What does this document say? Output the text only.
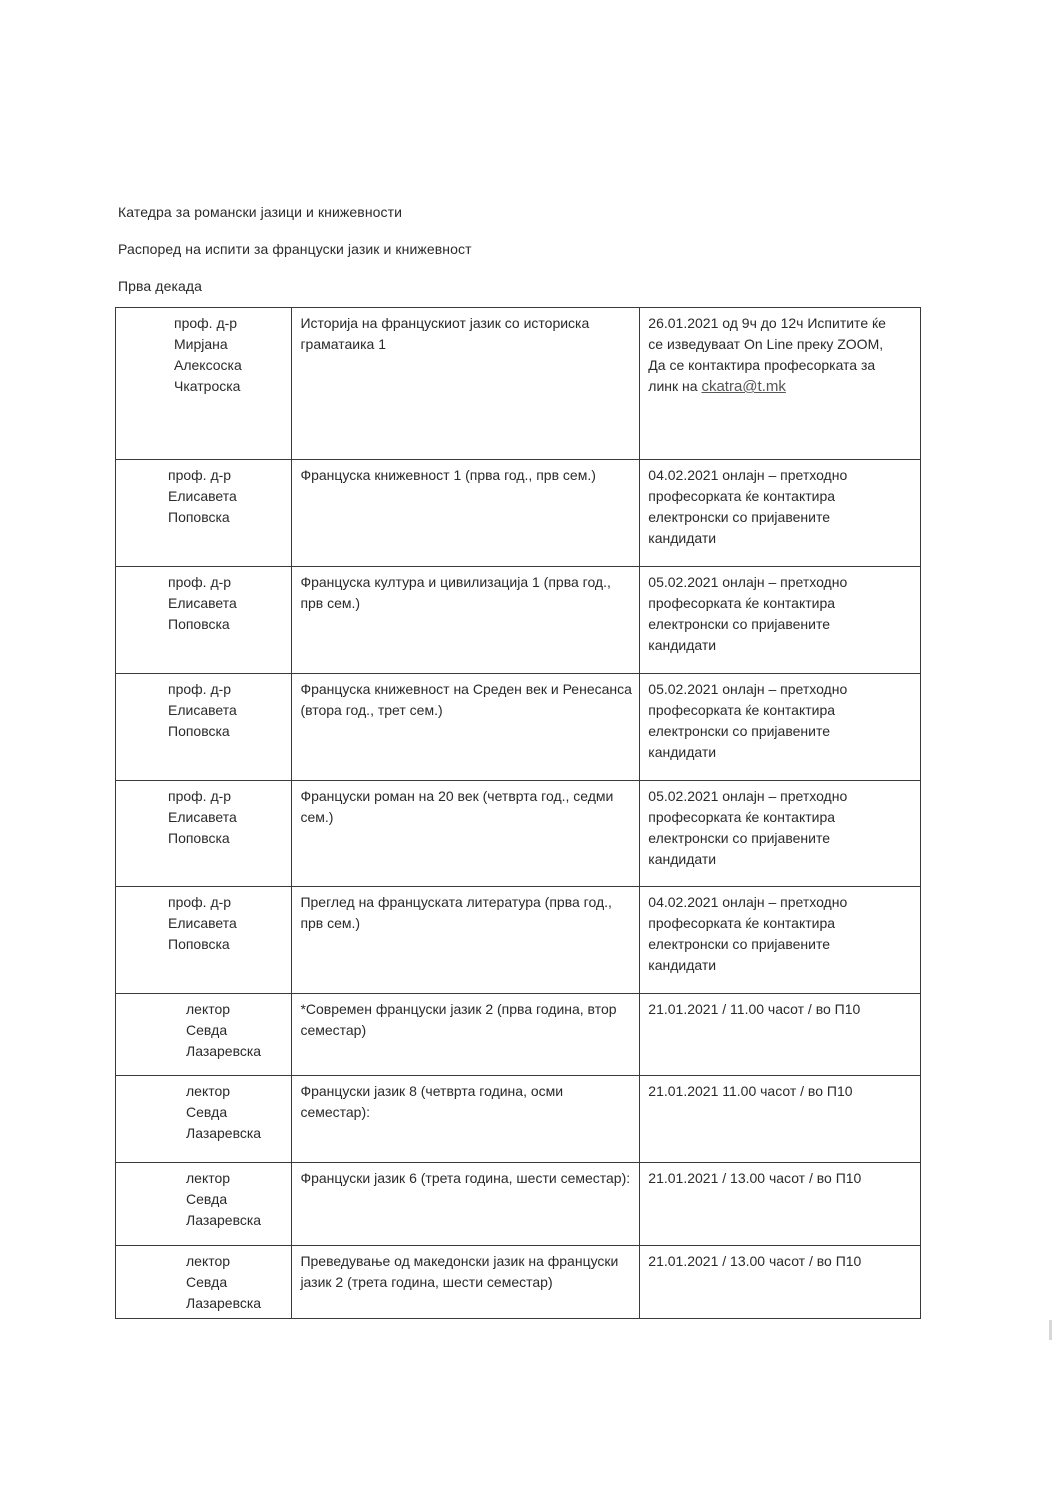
Катедра за романски јазици и книжевности
Распоред на испити за француски јазик и книжевност
Прва декада
проф. д-р
Мирјана
Алексоска
Чкатроска	Историја на францускиот јазик со историска граматаика 1	26.01.2021 од 9ч до 12ч Испитите ќе
се изведуваат On Line преку ZOOM,
Да се контактира професорката за
линк на ckatra@t.mk

проф. д-р
Елисавета
Поповска	Француска книжевност 1 (прва год., прв сем.)	04.02.2021 онлајн – претходно
професорката ќе контактира
електронски со пријавените
кандидати

проф. д-р
Елисавета
Поповска	Француска култура и цивилизација 1 (прва год., прв сем.)	05.02.2021 онлајн – претходно
професорката ќе контактира
електронски со пријавените
кандидати

проф. д-р
Елисавета
Поповска	Француска книжевност на Среден век и Ренесанса (втора год., трет сем.)	05.02.2021 онлајн – претходно
професорката ќе контактира
електронски со пријавените
кандидати

проф. д-р
Елисавета
Поповска	Француски роман на 20 век (четврта год., седми сем.)	05.02.2021 онлајн – претходно
професорката ќе контактира
електронски со пријавените
кандидати

проф. д-р
Елисавета
Поповска	Преглед на француската литература (прва год., прв сем.)	04.02.2021 онлајн – претходно
професорката ќе контактира
електронски со пријавените
кандидати

лектор
Севда
Лазаревска	*Современ француски јазик 2 (прва година, втор семестар)	21.01.2021 / 11.00 часот / во П10

лектор
Севда
Лазаревска	Француски јазик 8 (четврта година, осми семестар):	21.01.2021 11.00 часот / во П10

лектор
Севда
Лазаревска	Француски јазик 6 (трета година, шести семестар):	21.01.2021 / 13.00 часот / во П10

лектор
Севда
Лазаревска	Преведување од македонски јазик на француски јазик 2 (трета година, шести семестар)	21.01.2021 / 13.00 часот / во П10
